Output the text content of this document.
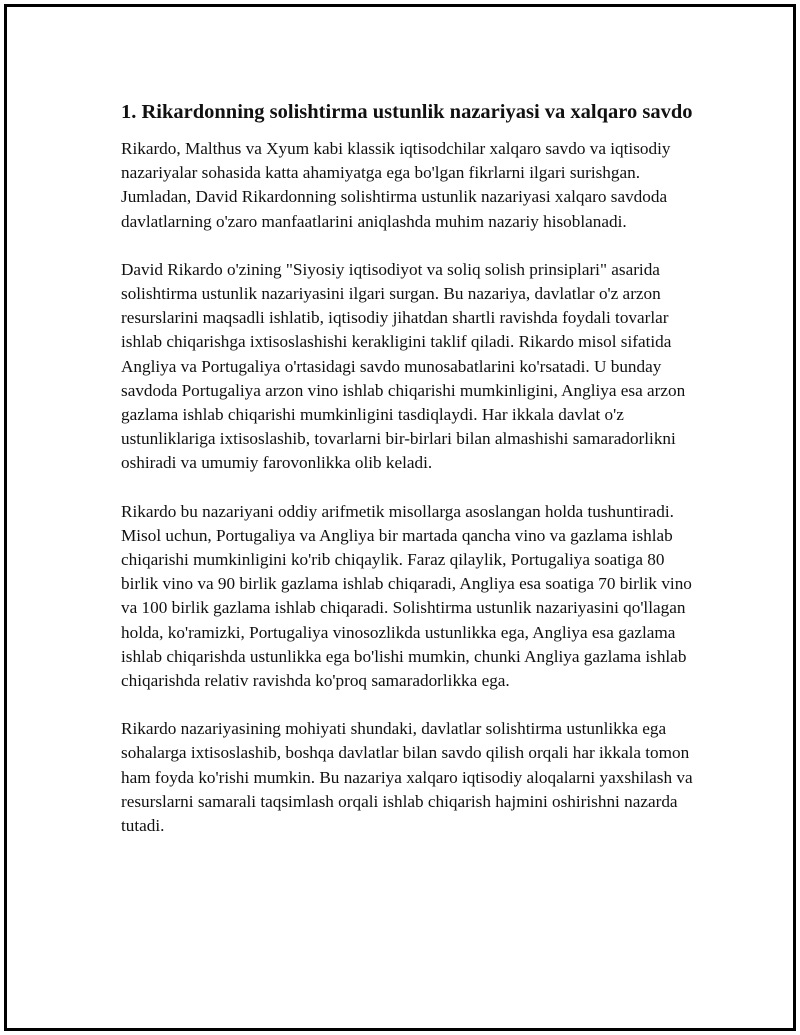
1. Rikardonning solishtirma ustunlik nazariyasi va xalqaro savdo

Rikardo, Malthus va Xyum kabi klassik iqtisodchilar xalqaro savdo va iqtisodiy nazariyalar sohasida katta ahamiyatga ega bo'lgan fikrlarni ilgari surishgan. Jumladan, David Rikardonning solishtirma ustunlik nazariyasi xalqaro savdoda davlatlarning o'zaro manfaatlarini aniqlashda muhim nazariy hisoblanadi.

David Rikardo o'zining "Siyosiy iqtisodiyot va soliq solish prinsiplari" asarida solishtirma ustunlik nazariyasini ilgari surgan. Bu nazariya, davlatlar o'z arzon resurslarini maqsadli ishlatib, iqtisodiy jihatdan shartli ravishda foydali tovarlar ishlab chiqarishga ixtisoslashishi kerakligini taklif qiladi. Rikardo misol sifatida Angliya va Portugaliya o'rtasidagi savdo munosabatlarini ko'rsatadi. U bunday savdoda Portugaliya arzon vino ishlab chiqarishi mumkinligini, Angliya esa arzon gazlama ishlab chiqarishi mumkinligini tasdiqlaydi. Har ikkala davlat o'z ustunliklariga ixtisoslashib, tovarlarni bir-birlari bilan almashishi samaradorlikni oshiradi va umumiy farovonlikka olib keladi.

Rikardo bu nazariyani oddiy arifmetik misollarga asoslangan holda tushuntiradi. Misol uchun, Portugaliya va Angliya bir martada qancha vino va gazlama ishlab chiqarishi mumkinligini ko'rib chiqaylik. Faraz qilaylik, Portugaliya soatiga 80 birlik vino va 90 birlik gazlama ishlab chiqaradi, Angliya esa soatiga 70 birlik vino va 100 birlik gazlama ishlab chiqaradi. Solishtirma ustunlik nazariyasini qo'llagan holda, ko'ramizki, Portugaliya vinosozlikda ustunlikka ega, Angliya esa gazlama ishlab chiqarishda ustunlikka ega bo'lishi mumkin, chunki Angliya gazlama ishlab chiqarishda relativ ravishda ko'proq samaradorlikka ega.

Rikardo nazariyasining mohiyati shundaki, davlatlar solishtirma ustunlikka ega sohalarga ixtisoslashib, boshqa davlatlar bilan savdo qilish orqali har ikkala tomon ham foyda ko'rishi mumkin. Bu nazariya xalqaro iqtisodiy aloqalarni yaxshilash va resurslarni samarali taqsimlash orqali ishlab chiqarish hajmini oshirishni nazarda tutadi.
